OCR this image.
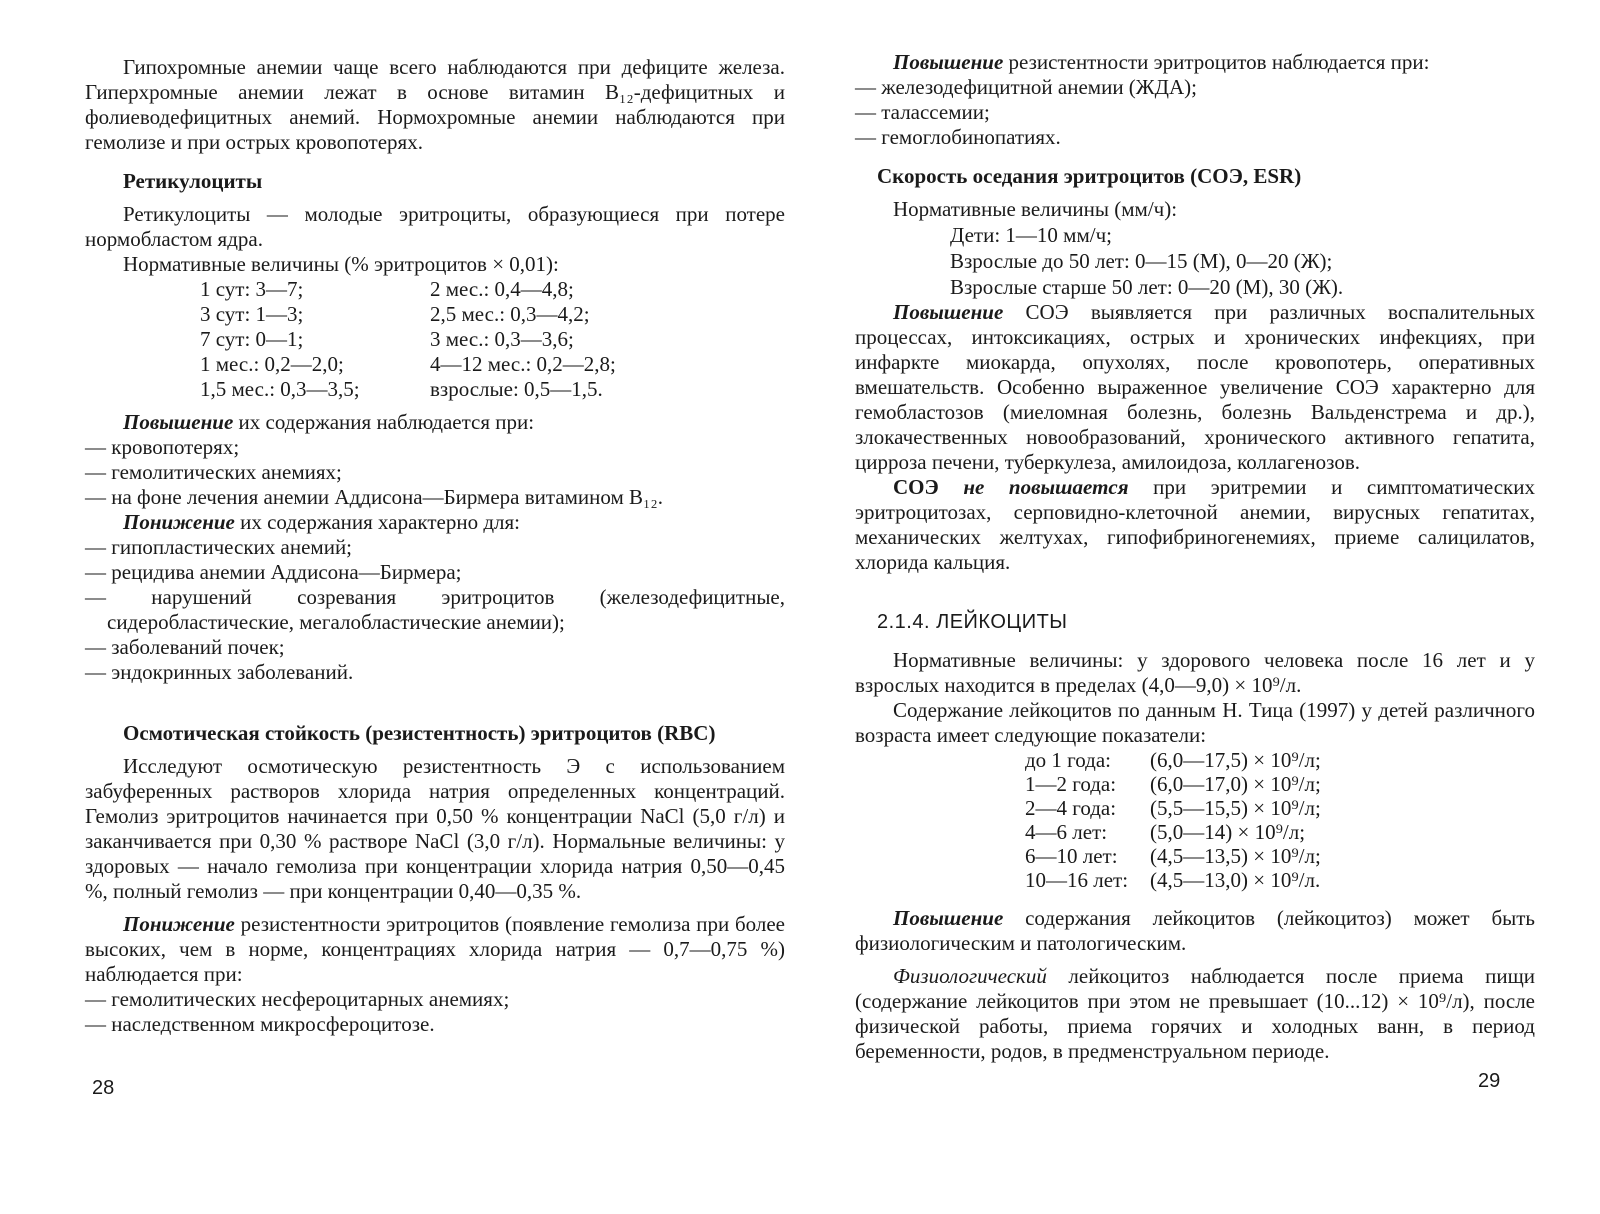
Гипохромные анемии чаще всего наблюдаются при дефиците железа. Гиперхромные анемии лежат в основе витамин B₁₂-дефицитных и фолиеводефицитных анемий. Нормохромные анемии наблюдаются при гемолизе и при острых кровопотерях.

Ретикулоциты

Ретикулоциты — молодые эритроциты, образующиеся при потере нормобластом ядра.

Нормативные величины (% эритроцитов × 0,01):

1 сут: 3—7;	2 мес.: 0,4—4,8;
3 сут: 1—3;	2,5 мес.: 0,3—4,2;
7 сут: 0—1;	3 мес.: 0,3—3,6;
1 мес.: 0,2—2,0;	4—12 мес.: 0,2—2,8;
1,5 мес.: 0,3—3,5;	взрослые: 0,5—1,5.

Повышение их содержания наблюдается при:

— кровопотерях;
— гемолитических анемиях;
— на фоне лечения анемии Аддисона—Бирмера витамином B₁₂.

Понижение их содержания характерно для:

— гипопластических анемий;
— рецидива анемии Аддисона—Бирмера;
— нарушений созревания эритроцитов (железодефицитные, сидеробластические, мегалобластические анемии);
— заболеваний почек;
— эндокринных заболеваний.
Осмотическая стойкость (резистентность) эритроцитов (RBC)

Исследуют осмотическую резистентность Э с использованием забуференных растворов хлорида натрия определенных концентраций. Гемолиз эритроцитов начинается при 0,50 % концентрации NaCl (5,0 г/л) и заканчивается при 0,30 % растворе NaCl (3,0 г/л). Нормальные величины: у здоровых — начало гемолиза при концентрации хлорида натрия 0,50—0,45 %, полный гемолиз — при концентрации 0,40—0,35 %.

Понижение резистентности эритроцитов (появление гемолиза при более высоких, чем в норме, концентрациях хлорида натрия — 0,7—0,75 %) наблюдается при:

— гемолитических несфероцитарных анемиях;
— наследственном микросфероцитозе.
28

Повышение резистентности эритроцитов наблюдается при:

— железодефицитной анемии (ЖДА);
— талассемии;
— гемоглобинопатиях.
Скорость оседания эритроцитов (СОЭ, ESR)

Нормативные величины (мм/ч):

Дети: 1—10 мм/ч;
Взрослые до 50 лет: 0—15 (М), 0—20 (Ж);
Взрослые старше 50 лет: 0—20 (М), 30 (Ж).

Повышение СОЭ выявляется при различных воспалительных процессах, интоксикациях, острых и хронических инфекциях, при инфаркте миокарда, опухолях, после кровопотерь, оперативных вмешательств. Особенно выраженное увеличение СОЭ характерно для гемобластозов (миеломная болезнь, болезнь Вальденстрема и др.), злокачественных новообразований, хронического активного гепатита, цирроза печени, туберкулеза, амилоидоза, коллагенозов.

СОЭ не повышается при эритремии и симптоматических эритроцитозах, серповидно-клеточной анемии, вирусных гепатитах, механических желтухах, гипофибриногенемиях, приеме салицилатов, хлорида кальция.

2.1.4. ЛЕЙКОЦИТЫ

Нормативные величины: у здорового человека после 16 лет и у взрослых находится в пределах (4,0—9,0) × 10⁹/л.

Содержание лейкоцитов по данным Н. Тица (1997) у детей различного возраста имеет следующие показатели:

до 1 года:	(6,0—17,5) × 10⁹/л;
1—2 года:	(6,0—17,0) × 10⁹/л;
2—4 года:	(5,5—15,5) × 10⁹/л;
4—6 лет:	(5,0—14) × 10⁹/л;
6—10 лет:	(4,5—13,5) × 10⁹/л;
10—16 лет:	(4,5—13,0) × 10⁹/л.

Повышение содержания лейкоцитов (лейкоцитоз) может быть физиологическим и патологическим.

Физиологический лейкоцитоз наблюдается после приема пищи (содержание лейкоцитов при этом не превышает (10...12) × 10⁹/л), после физической работы, приема горячих и холодных ванн, в период беременности, родов, в предменструальном периоде.

29
